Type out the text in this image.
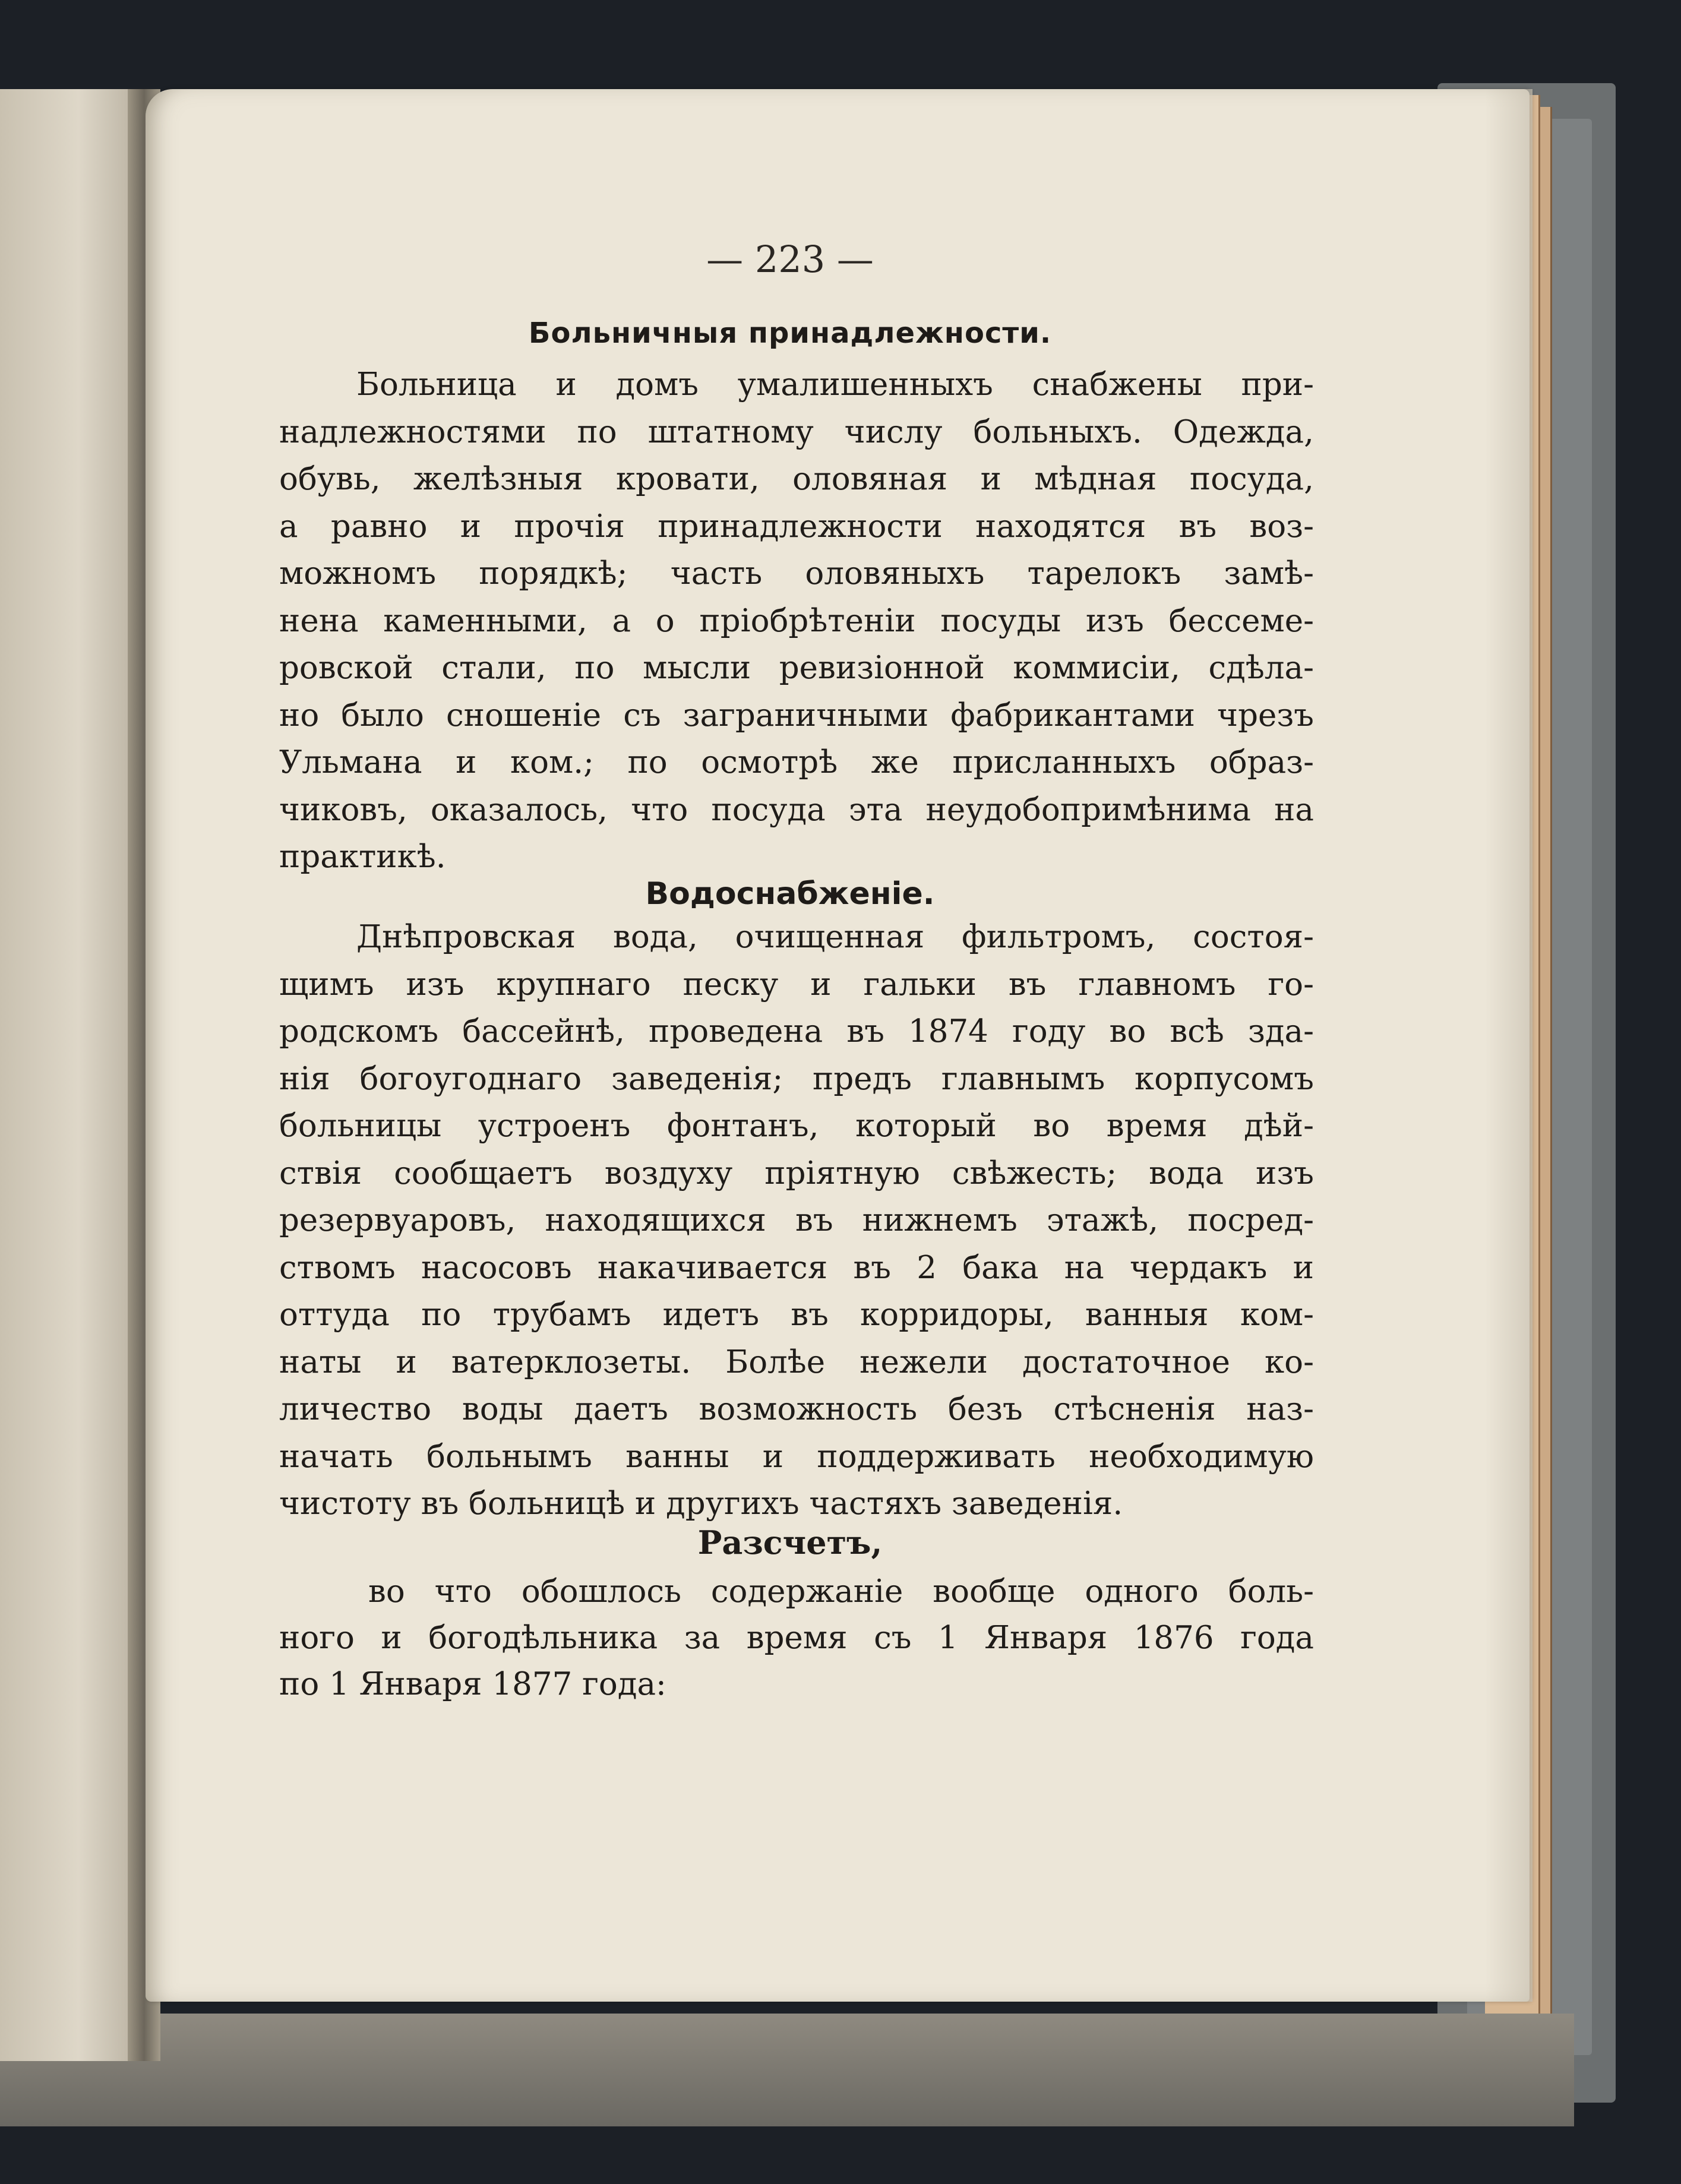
— 223 —
Больничныя принадлежности.
Больница и домъ умалишенныхъ снабжены при-
надлежностями по штатному числу больныхъ. Одежда,
обувь, желѣзныя кровати, оловяная и мѣдная посуда,
а равно и прочія принадлежности находятся въ воз-
можномъ порядкѣ; часть оловяныхъ тарелокъ замѣ-
нена каменными, а о пріобрѣтеніи посуды изъ бессеме-
ровской стали, по мысли ревизіонной коммисіи, сдѣла-
но было сношеніе съ заграничными фабрикантами чрезъ
Ульмана и ком.; по осмотрѣ же присланныхъ образ-
чиковъ, оказалось, что посуда эта неудобопримѣнима на
практикѣ.
Водоснабженіе.
Днѣпровская вода, очищенная фильтромъ, состоя-
щимъ изъ крупнаго песку и гальки въ главномъ го-
родскомъ бассейнѣ, проведена въ 1874 году во всѣ зда-
нія богоугоднаго заведенія; предъ главнымъ корпусомъ
больницы устроенъ фонтанъ, который во время дѣй-
ствія сообщаетъ воздуху пріятную свѣжесть; вода изъ
резервуаровъ, находящихся въ нижнемъ этажѣ, посред-
ствомъ насосовъ накачивается въ 2 бака на чердакъ и
оттуда по трубамъ идетъ въ корридоры, ванныя ком-
наты и ватерклозеты. Болѣе нежели достаточное ко-
личество воды даетъ возможность безъ стѣсненія наз-
начать больнымъ ванны и поддерживать необходимую
чистоту въ больницѣ и другихъ частяхъ заведенія.
Разсчетъ,
во что обошлось содержаніе вообще одного боль-
ного и богодѣльника за время съ 1 Января 1876 года
по 1 Января 1877 года:
